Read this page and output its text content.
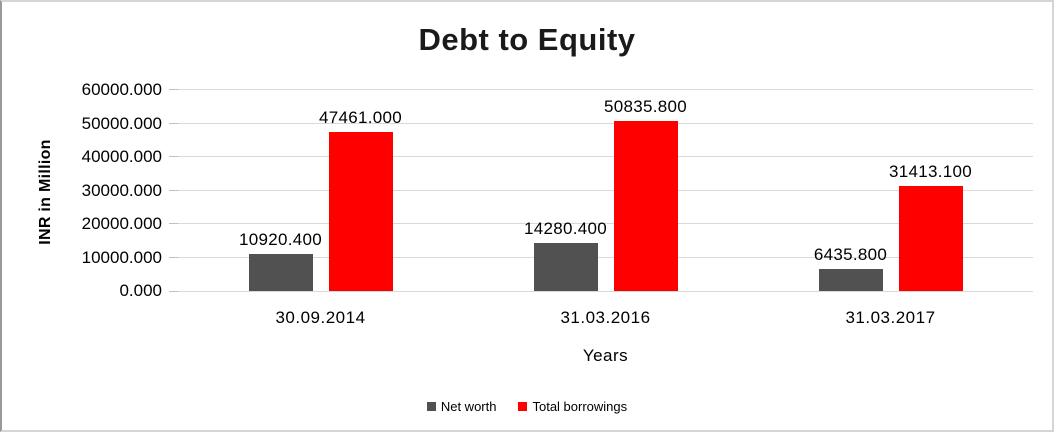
Debt to Equity
INR in Million	10920.400
47461.000
14280.400
50835.800
6435.800
31413.100
0.000
10000.000
20000.000
30000.000
40000.000
50000.000
60000.000
30.09.2014	31.03.2016	31.03.2017
Years
Net worth	Total borrowings
